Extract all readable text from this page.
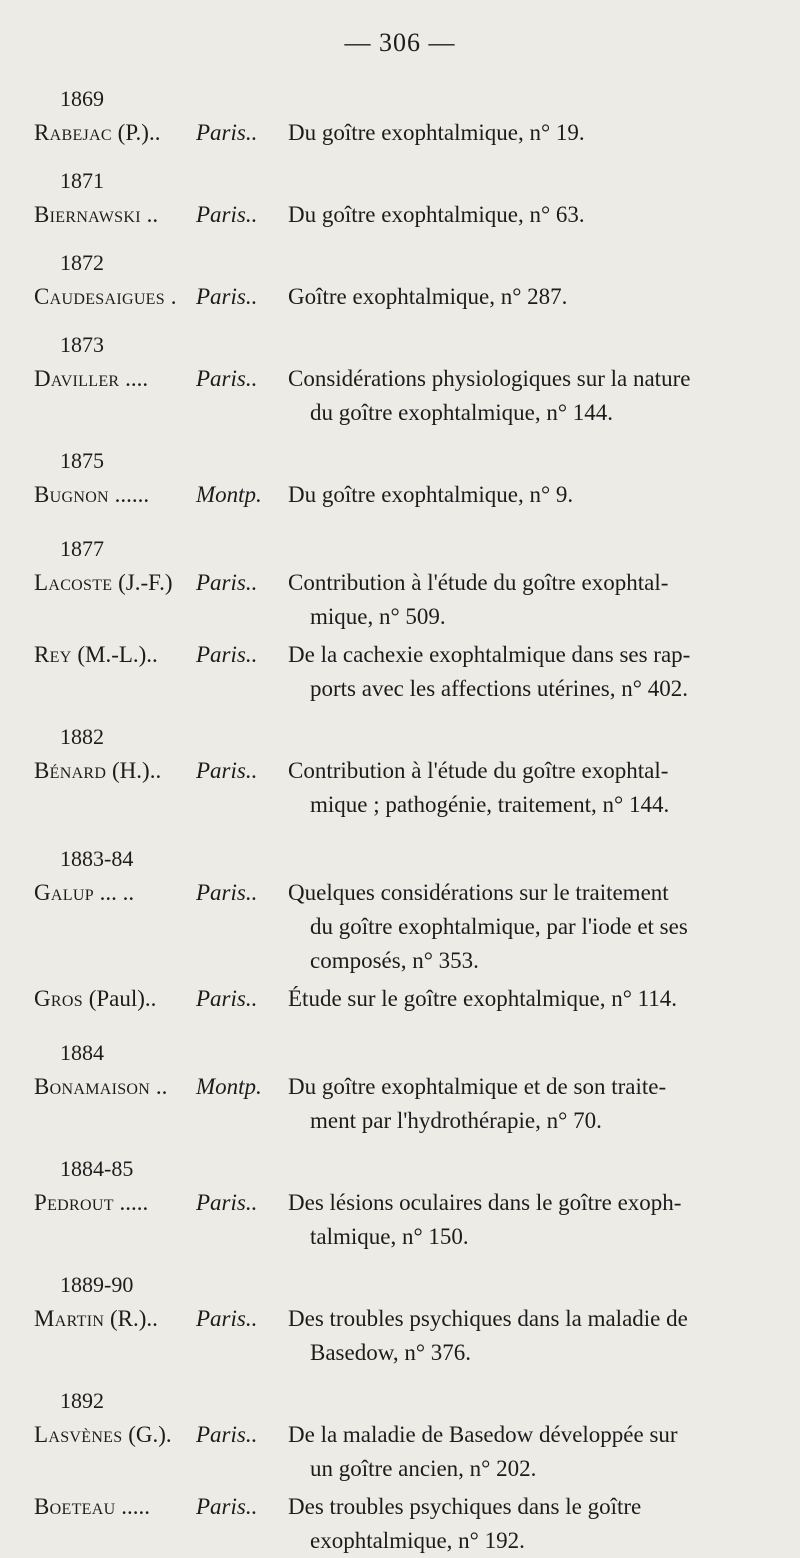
— 306 —
1869
Rabejac (P.)..	Paris..	Du goître exophtalmique, n° 19.
1871
Biernawski ..	Paris..	Du goître exophtalmique, n° 63.
1872
Caudesaigues . Paris..	Goître exophtalmique, n° 287.
1873
Daviller ....	Paris..	Considérations physiologiques sur la nature
du goître exophtalmique, n° 144.
1875
Bugnon ......	Montp.	Du goître exophtalmique, n° 9.
1877
Lacoste (J.-F.)	Paris..	Contribution à l'étude du goître exophtal-
mique, n° 509.
Rey (M.-L.)..	Paris..	De la cachexie exophtalmique dans ses rap-
ports avec les affections utérines, n° 402.
1882
Bénard (H.)..	Paris..	Contribution à l'étude du goître exophtal-
mique ; pathogénie, traitement, n° 144.
1883-84
Galup ... ..	Paris..	Quelques considérations sur le traitement
du goître exophtalmique, par l'iode et ses
composés, n° 353.
Gros (Paul)..	Paris..	Étude sur le goître exophtalmique, n° 114.
1884
Bonamaison ..	Montp.	Du goître exophtalmique et de son traite-
ment par l'hydrothérapie, n° 70.
1884-85
Pedrout .....	Paris..	Des lésions oculaires dans le goître exoph-
talmique, n° 150.
1889-90
Martin (R.)..	Paris..	Des troubles psychiques dans la maladie de
Basedow, n° 376.
1892
Lasvènes (G.).	Paris..	De la maladie de Basedow développée sur
un goître ancien, n° 202.
Boeteau .....	Paris..	Des troubles psychiques dans le goître
exophtalmique, n° 192.
